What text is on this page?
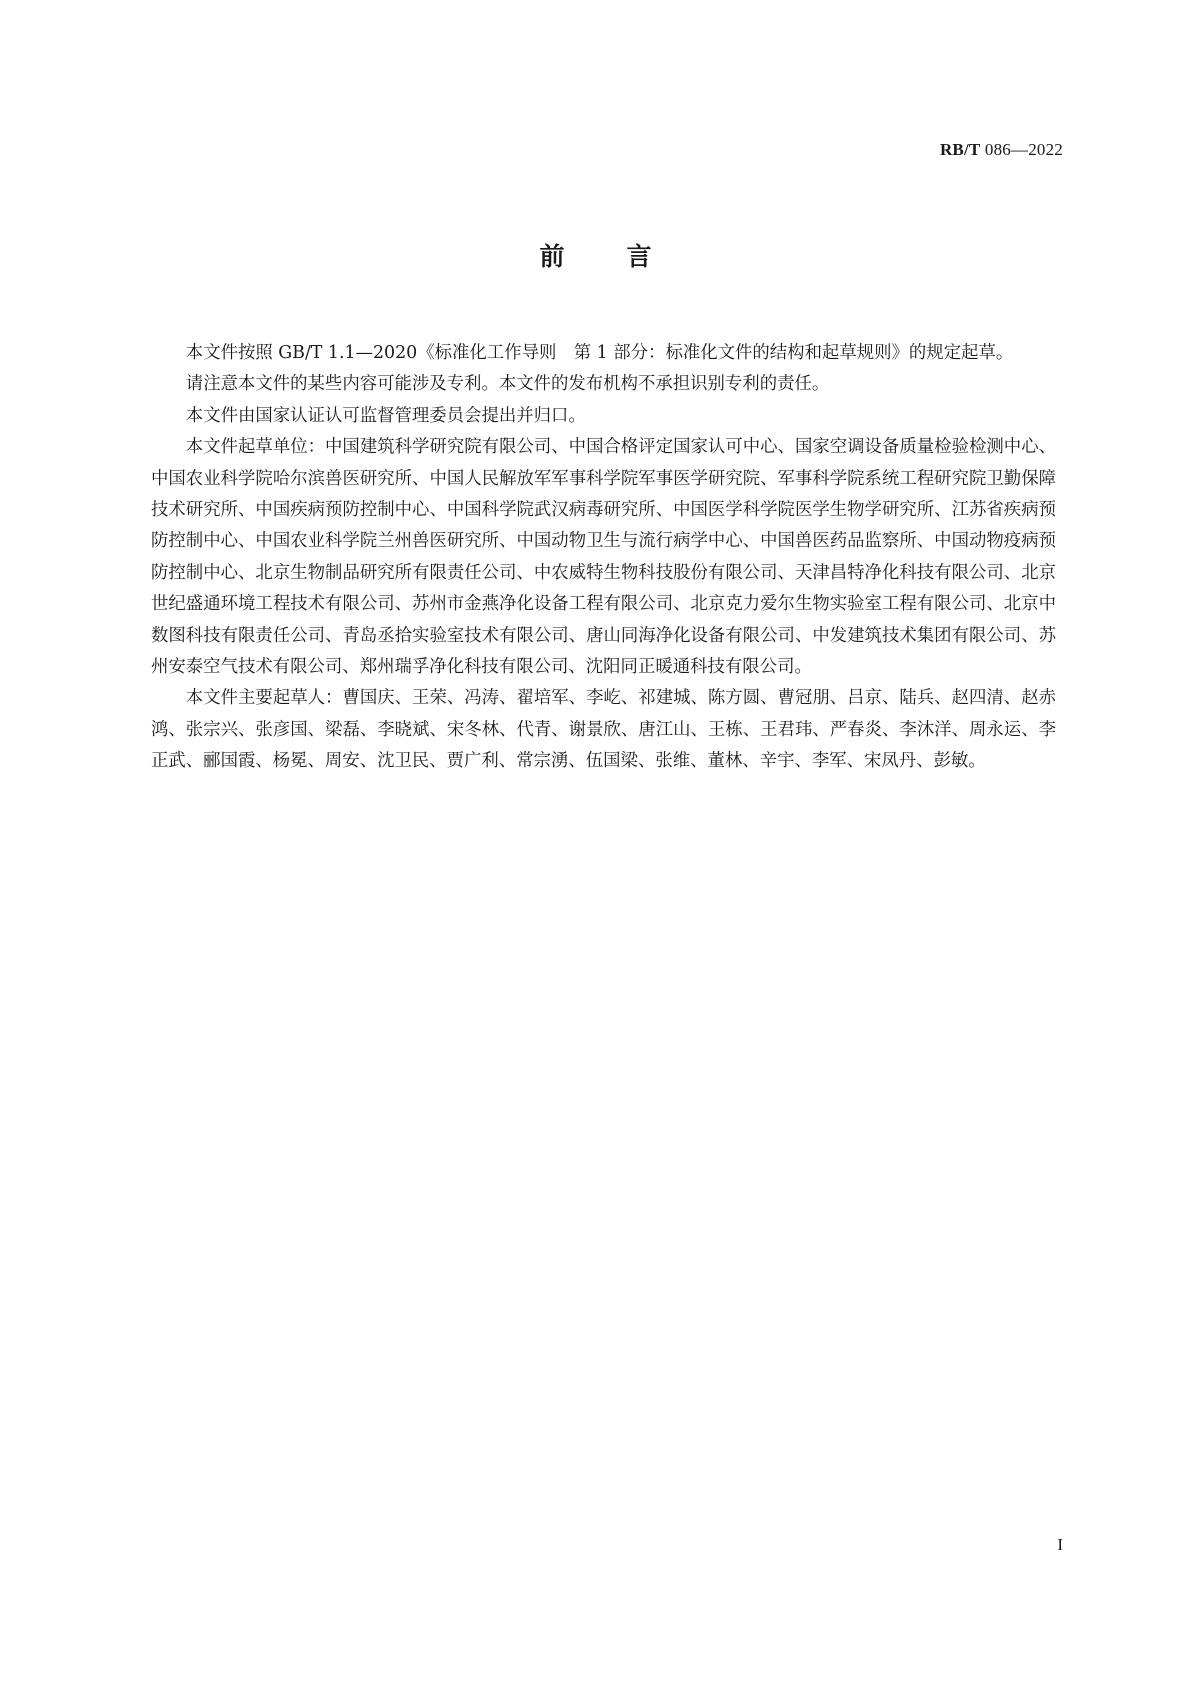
RB/T 086—2022
前言

本文件按照 GB/T 1.1—2020《标准化工作导则　第 1 部分：标准化文件的结构和起草规则》的规定起草。

请注意本文件的某些内容可能涉及专利。本文件的发布机构不承担识别专利的责任。

本文件由国家认证认可监督管理委员会提出并归口。

本文件起草单位：中国建筑科学研究院有限公司、中国合格评定国家认可中心、国家空调设备质量检验检测中心、中国农业科学院哈尔滨兽医研究所、中国人民解放军军事科学院军事医学研究院、军事科学院系统工程研究院卫勤保障技术研究所、中国疾病预防控制中心、中国科学院武汉病毒研究所、中国医学科学院医学生物学研究所、江苏省疾病预防控制中心、中国农业科学院兰州兽医研究所、中国动物卫生与流行病学中心、中国兽医药品监察所、中国动物疫病预防控制中心、北京生物制品研究所有限责任公司、中农威特生物科技股份有限公司、天津昌特净化科技有限公司、北京世纪盛通环境工程技术有限公司、苏州市金燕净化设备工程有限公司、北京克力爱尔生物实验室工程有限公司、北京中数图科技有限责任公司、青岛丞拾实验室技术有限公司、唐山同海净化设备有限公司、中发建筑技术集团有限公司、苏州安泰空气技术有限公司、郑州瑞孚净化科技有限公司、沈阳同正暖通科技有限公司。

本文件主要起草人：曹国庆、王荣、冯涛、翟培军、李屹、祁建城、陈方圆、曹冠朋、吕京、陆兵、赵四清、赵赤鸿、张宗兴、张彦国、梁磊、李晓斌、宋冬林、代青、谢景欣、唐江山、王栋、王君玮、严春炎、李沐洋、周永运、李正武、郦国霞、杨冕、周安、沈卫民、贾广利、常宗湧、伍国梁、张维、董林、辛宇、李军、宋凤丹、彭敏。

I
